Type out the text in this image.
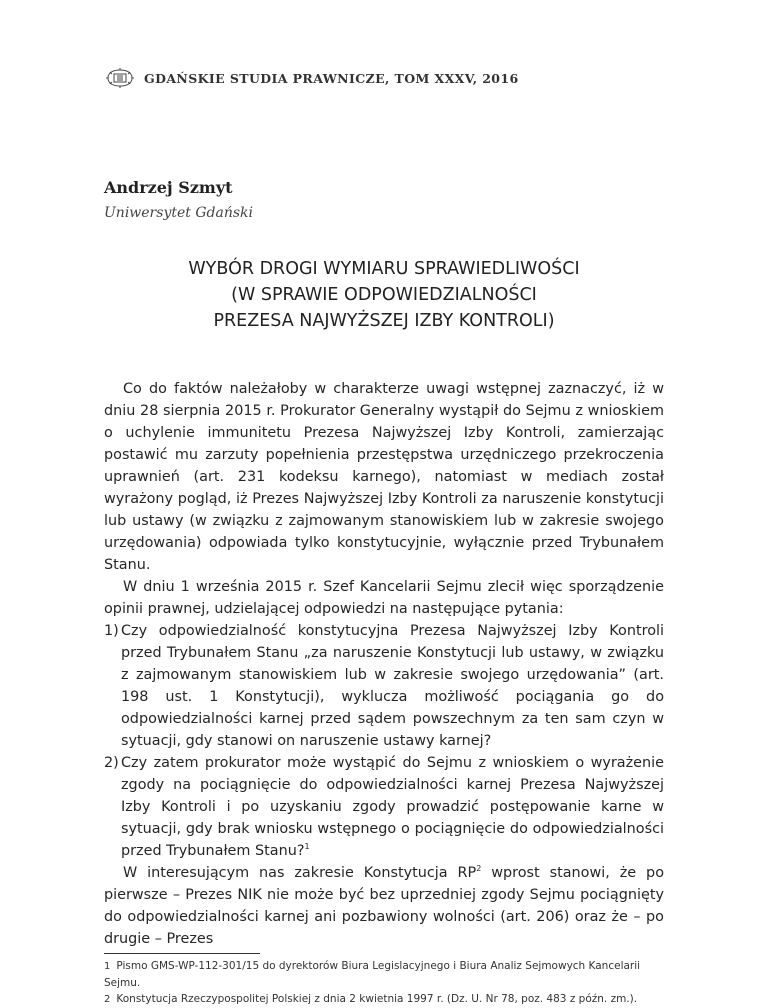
GDAŃSKIE STUDIA PRAWNICZE, TOM XXXV, 2016
Andrzej Szmyt
Uniwersytet Gdański
WYBÓR DROGI WYMIARU SPRAWIEDLIWOŚCI
(W SPRAWIE ODPOWIEDZIALNOŚCI
PREZESA NAJWYŻSZEJ IZBY KONTROLI)

Co do faktów należałoby w charakterze uwagi wstępnej zaznaczyć, iż w dniu 28 sierpnia 2015 r. Prokurator Generalny wystąpił do Sejmu z wnioskiem o uchylenie immunitetu Prezesa Najwyższej Izby Kontroli, zamierzając postawić mu zarzuty popełnienia przestępstwa urzędniczego przekroczenia uprawnień (art. 231 kodeksu karnego), natomiast w mediach został wyrażony pogląd, iż Prezes Najwyższej Izby Kontroli za naruszenie konstytucji lub ustawy (w związku z zajmowanym stanowiskiem lub w zakresie swojego urzędowania) odpowiada tylko konstytucyjnie, wyłącznie przed Trybunałem Stanu.

W dniu 1 września 2015 r. Szef Kancelarii Sejmu zlecił więc sporządzenie opinii prawnej, udzielającej odpowiedzi na następujące pytania:

1) Czy odpowiedzialność konstytucyjna Prezesa Najwyższej Izby Kontroli przed Trybunałem Stanu „za naruszenie Konstytucji lub ustawy, w związku z zajmowanym stanowiskiem lub w zakresie swojego urzędowania” (art. 198 ust. 1 Konstytucji), wyklucza możliwość pociągania go do odpowiedzialności karnej przed sądem powszechnym za ten sam czyn w sytuacji, gdy stanowi on naruszenie ustawy karnej?
2) Czy zatem prokurator może wystąpić do Sejmu z wnioskiem o wyrażenie zgody na pociągnięcie do odpowiedzialności karnej Prezesa Najwyższej Izby Kontroli i po uzyskaniu zgody prowadzić postępowanie karne w sytuacji, gdy brak wniosku wstępnego o pociągnięcie do odpowiedzialności przed Trybunałem Stanu?$^1$

W interesującym nas zakresie Konstytucja $RP^2$ wprost stanowi, że po pierwsze – Prezes NIK nie może być bez uprzedniej zgody Sejmu pociągnięty do odpowiedzialności karnej ani pozbawiony wolności (art. 206) oraz że – po drugie – Prezes

1 Pismo GMS-WP-112-301/15 do dyrektorów Biura Legislacyjnego i Biura Analiz Sejmowych Kancelarii Sejmu.

2 Konstytucja Rzeczypospolitej Polskiej z dnia 2 kwietnia 1997 r. (Dz. U. Nr 78, poz. 483 z późn. zm.).
